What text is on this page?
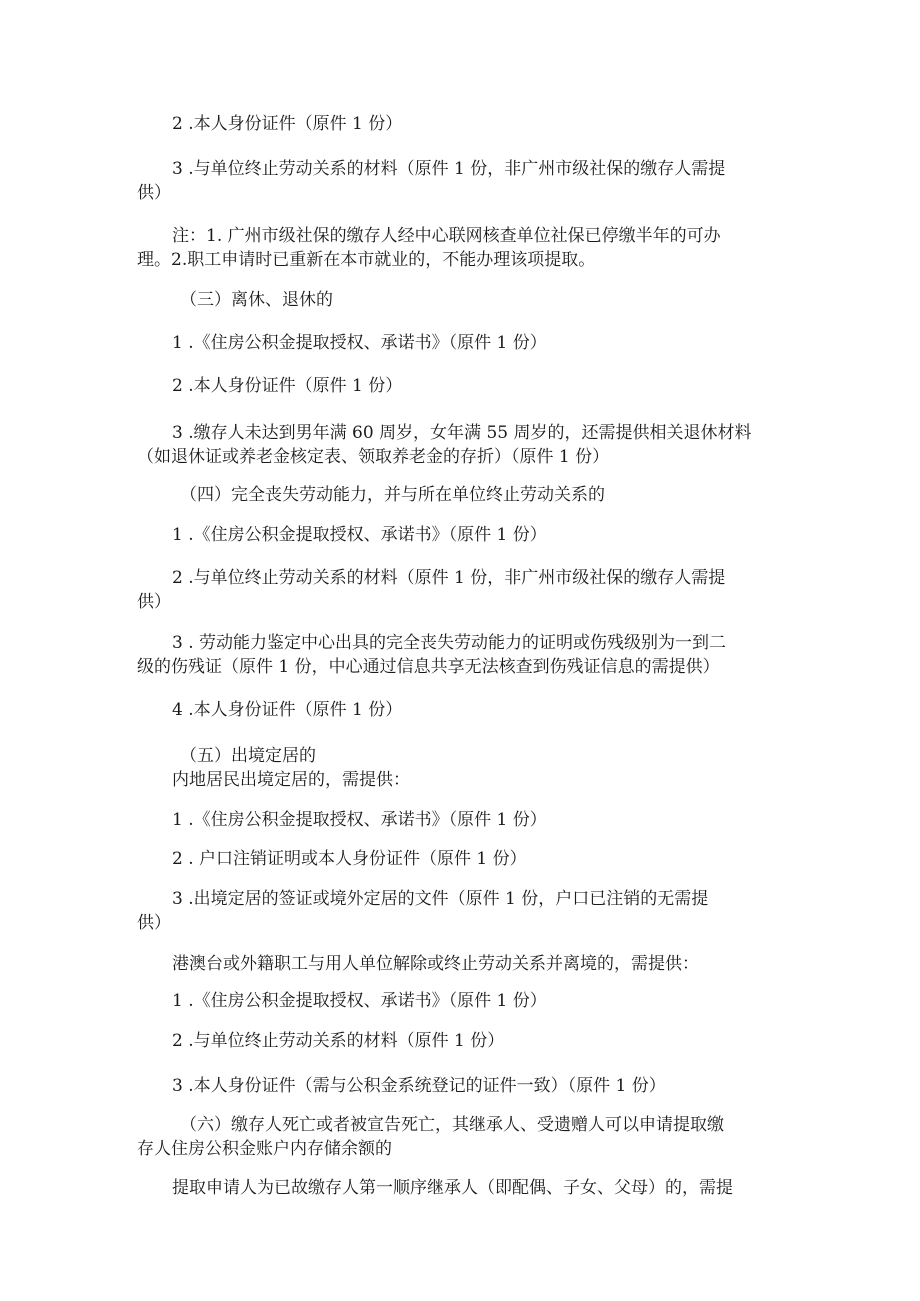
2 .本人身份证件（原件 1 份）
3 .与单位终止劳动关系的材料（原件 1 份，非广州市级社保的缴存人需提
供）
注：1. 广州市级社保的缴存人经中心联网核查单位社保已停缴半年的可办
理。2.职工申请时已重新在本市就业的，不能办理该项提取。
（三）离休、退休的
1 .《住房公积金提取授权、承诺书》（原件 1 份）
2 .本人身份证件（原件 1 份）
3 .缴存人未达到男年满 60 周岁，女年满 55 周岁的，还需提供相关退休材料
（如退休证或养老金核定表、领取养老金的存折）（原件 1 份）
（四）完全丧失劳动能力，并与所在单位终止劳动关系的
1 .《住房公积金提取授权、承诺书》（原件 1 份）
2 .与单位终止劳动关系的材料（原件 1 份，非广州市级社保的缴存人需提
供）
3 . 劳动能力鉴定中心出具的完全丧失劳动能力的证明或伤残级别为一到二
级的伤残证（原件 1 份，中心通过信息共享无法核查到伤残证信息的需提供）
4 .本人身份证件（原件 1 份）
（五）出境定居的
内地居民出境定居的，需提供：
1 .《住房公积金提取授权、承诺书》（原件 1 份）
2 . 户口注销证明或本人身份证件（原件 1 份）
3 .出境定居的签证或境外定居的文件（原件 1 份，户口已注销的无需提
供）
港澳台或外籍职工与用人单位解除或终止劳动关系并离境的，需提供：
1 .《住房公积金提取授权、承诺书》（原件 1 份）
2 .与单位终止劳动关系的材料（原件 1 份）
3 .本人身份证件（需与公积金系统登记的证件一致）（原件 1 份）
（六）缴存人死亡或者被宣告死亡，其继承人、受遗赠人可以申请提取缴
存人住房公积金账户内存储余额的
提取申请人为已故缴存人第一顺序继承人（即配偶、子女、父母）的，需提
